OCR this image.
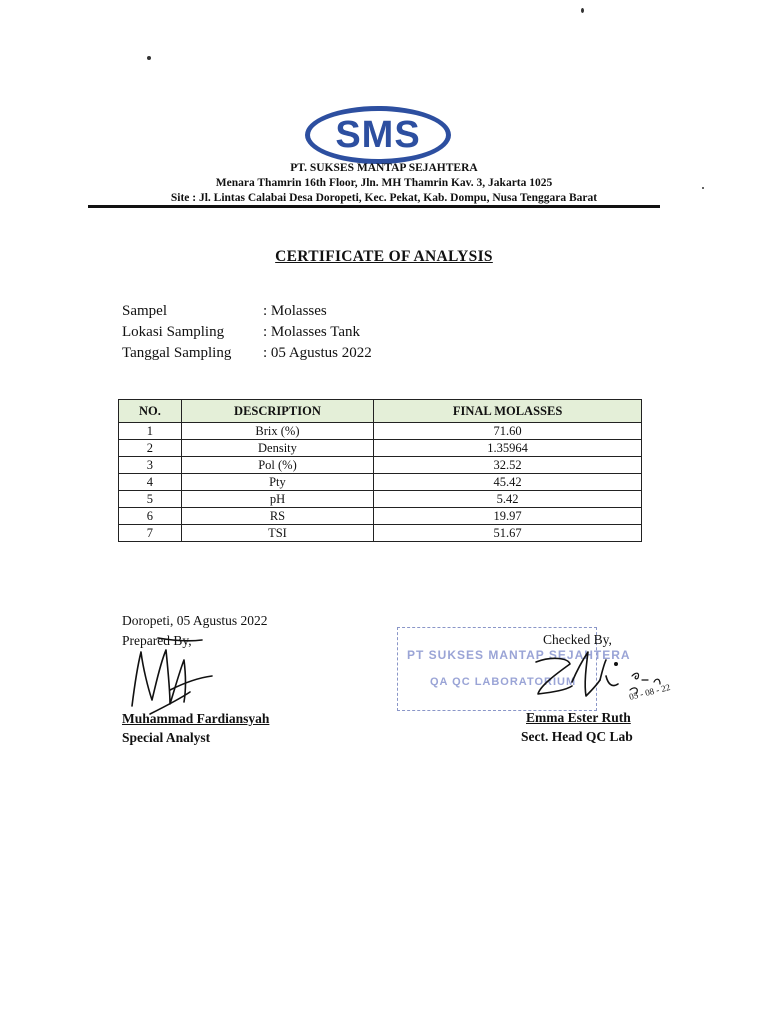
SMS
PT. SUKSES MANTAP SEJAHTERA
Menara Thamrin 16th Floor, Jln. MH Thamrin Kav. 3, Jakarta 1025
Site : Jl. Lintas Calabai Desa Doropeti, Kec. Pekat, Kab. Dompu, Nusa Tenggara Barat
CERTIFICATE OF ANALYSIS
Sampel	: Molasses
Lokasi Sampling	: Molasses Tank
Tanggal Sampling : 05 Agustus 2022
NO.	DESCRIPTION	FINAL MOLASSES
1	Brix (%)	71.60
2	Density	1.35964
3	Pol (%)	32.52
4	Pty	45.42
5	pH	5.42
6	RS	19.97
7	TSI	51.67
Doropeti, 05 Agustus 2022
Prepared By,
PT SUKSES MANTAP SEJAHTERA
QA QC LABORATORIUM
Checked By,
05 - 08 - 22
Muhammad Fardiansyah
Special Analyst
Emma Ester Ruth
Sect. Head QC Lab
